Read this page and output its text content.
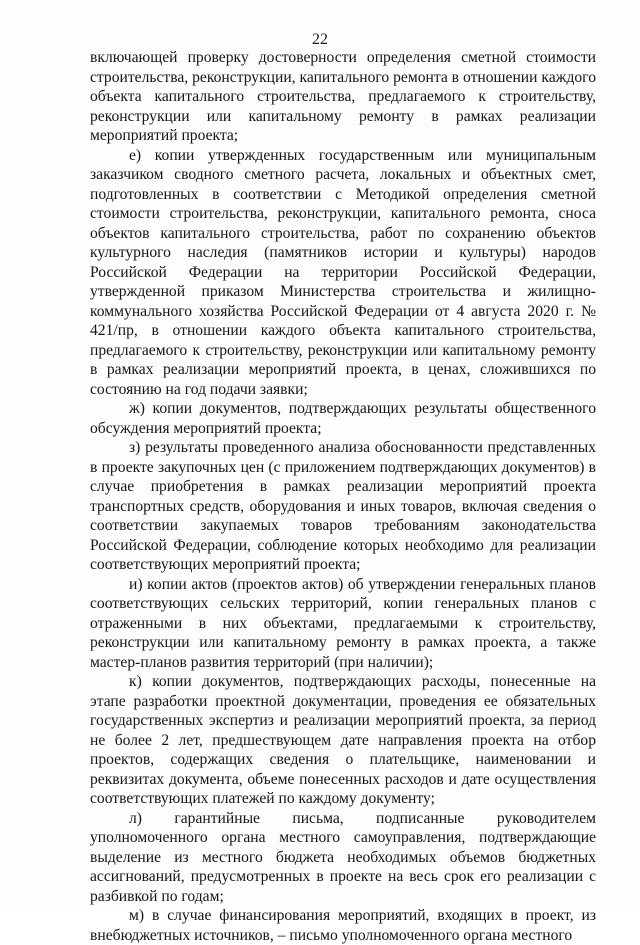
22

включающей проверку достоверности определения сметной стоимости строительства, реконструкции, капитального ремонта в отношении каждого объекта капитального строительства, предлагаемого к строительству, реконструкции или капитальному ремонту в рамках реализации мероприятий проекта;

е) копии утвержденных государственным или муниципальным заказчиком сводного сметного расчета, локальных и объектных смет, подготовленных в соответствии с Методикой определения сметной стоимости строительства, реконструкции, капитального ремонта, сноса объектов капитального строительства, работ по сохранению объектов культурного наследия (памятников истории и культуры) народов Российской Федерации на территории Российской Федерации, утвержденной приказом Министерства строительства и жилищно-коммунального хозяйства Российской Федерации от 4 августа 2020 г. № 421/пр, в отношении каждого объекта капитального строительства, предлагаемого к строительству, реконструкции или капитальному ремонту в рамках реализации мероприятий проекта, в ценах, сложившихся по состоянию на год подачи заявки;

ж) копии документов, подтверждающих результаты общественного обсуждения мероприятий проекта;

з) результаты проведенного анализа обоснованности представленных в проекте закупочных цен (с приложением подтверждающих документов) в случае приобретения в рамках реализации мероприятий проекта транспортных средств, оборудования и иных товаров, включая сведения о соответствии закупаемых товаров требованиям законодательства Российской Федерации, соблюдение которых необходимо для реализации соответствующих мероприятий проекта;

и) копии актов (проектов актов) об утверждении генеральных планов соответствующих сельских территорий, копии генеральных планов с отраженными в них объектами, предлагаемыми к строительству, реконструкции или капитальному ремонту в рамках проекта, а также мастер-планов развития территорий (при наличии);

к) копии документов, подтверждающих расходы, понесенные на этапе разработки проектной документации, проведения ее обязательных государственных экспертиз и реализации мероприятий проекта, за период не более 2 лет, предшествующем дате направления проекта на отбор проектов, содержащих сведения о плательщике, наименовании и реквизитах документа, объеме понесенных расходов и дате осуществления соответствующих платежей по каждому документу;

л) гарантийные письма, подписанные руководителем уполномоченного органа местного самоуправления, подтверждающие выделение из местного бюджета необходимых объемов бюджетных ассигнований, предусмотренных в проекте на весь срок его реализации с разбивкой по годам;

м) в случае финансирования мероприятий, входящих в проект, из внебюджетных источников, – письмо уполномоченного органа местного
